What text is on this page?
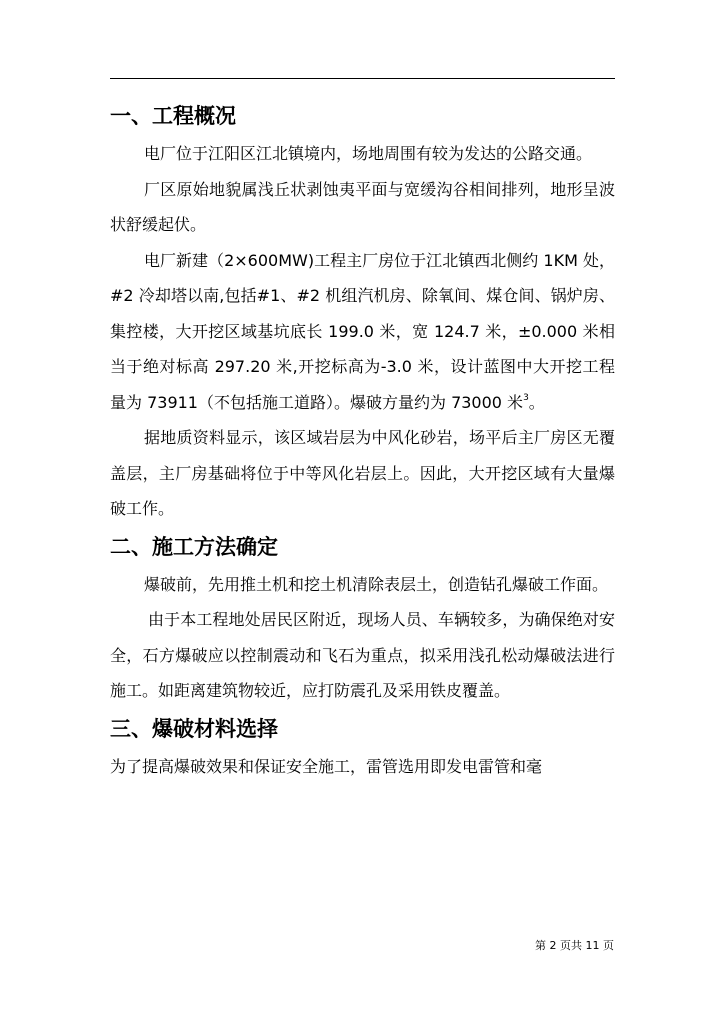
一、工程概况
电厂位于江阳区江北镇境内，场地周围有较为发达的公路交通。
厂区原始地貌属浅丘状剥蚀夷平面与宽缓沟谷相间排列，地形呈波状舒缓起伏。
电厂新建（2×600MW)工程主厂房位于江北镇西北侧约 1KM 处，#2 冷却塔以南,包括#1、#2 机组汽机房、除氧间、煤仓间、锅炉房、集控楼，大开挖区域基坑底长 199.0 米，宽 124.7 米，±0.000 米相当于绝对标高 297.20 米,开挖标高为-3.0 米，设计蓝图中大开挖工程量为 73911（不包括施工道路）。爆破方量约为 73000 米$^3$。
据地质资料显示，该区域岩层为中风化砂岩，场平后主厂房区无覆盖层，主厂房基础将位于中等风化岩层上。因此，大开挖区域有大量爆破工作。
二、施工方法确定
爆破前，先用推土机和挖土机清除表层土，创造钻孔爆破工作面。
由于本工程地处居民区附近，现场人员、车辆较多，为确保绝对安全，石方爆破应以控制震动和飞石为重点，拟采用浅孔松动爆破法进行施工。如距离建筑物较近，应打防震孔及采用铁皮覆盖。
三、爆破材料选择
为了提高爆破效果和保证安全施工，雷管选用即发电雷管和毫
第 2 页共 11 页
